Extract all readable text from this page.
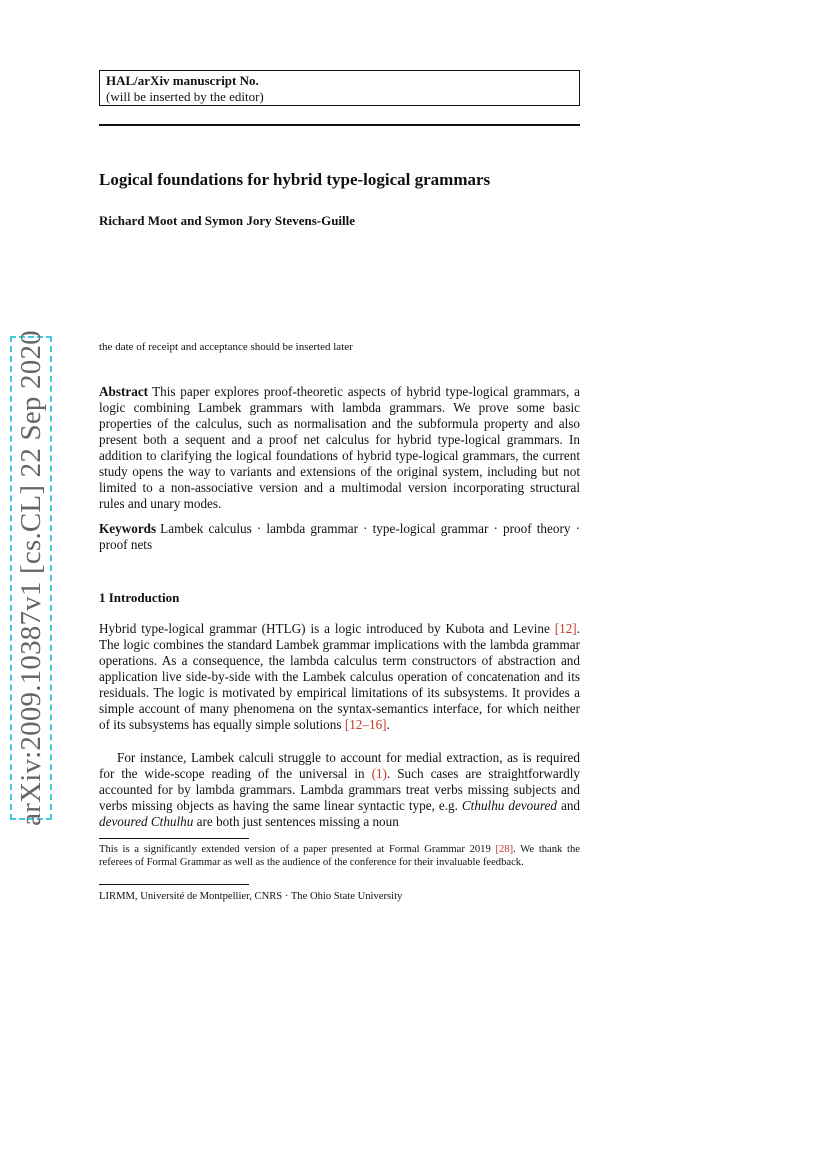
arXiv:2009.10387v1 [cs.CL] 22 Sep 2020
HAL/arXiv manuscript No.
(will be inserted by the editor)
Logical foundations for hybrid type-logical grammars
Richard Moot and Symon Jory Stevens-Guille
the date of receipt and acceptance should be inserted later
Abstract This paper explores proof-theoretic aspects of hybrid type-logical grammars, a logic combining Lambek grammars with lambda grammars. We prove some basic properties of the calculus, such as normalisation and the subformula property and also present both a sequent and a proof net calculus for hybrid type-logical grammars. In addition to clarifying the logical foundations of hybrid type-logical grammars, the current study opens the way to variants and extensions of the original system, including but not limited to a non-associative version and a multimodal version incorporating structural rules and unary modes.
Keywords Lambek calculus · lambda grammar · type-logical grammar · proof theory · proof nets
1 Introduction
Hybrid type-logical grammar (HTLG) is a logic introduced by Kubota and Levine [12]. The logic combines the standard Lambek grammar implications with the lambda grammar operations. As a consequence, the lambda calculus term constructors of abstraction and application live side-by-side with the Lambek calculus operation of concatenation and its residuals. The logic is motivated by empirical limitations of its subsystems. It provides a simple account of many phenomena on the syntax-semantics interface, for which neither of its subsystems has equally simple solutions [12–16].
For instance, Lambek calculi struggle to account for medial extraction, as is required for the wide-scope reading of the universal in (1). Such cases are straightforwardly accounted for by lambda grammars. Lambda grammars treat verbs missing subjects and verbs missing objects as having the same linear syntactic type, e.g. Cthulhu devoured and devoured Cthulhu are both just sentences missing a noun
This is a significantly extended version of a paper presented at Formal Grammar 2019 [28]. We thank the referees of Formal Grammar as well as the audience of the conference for their invaluable feedback.
LIRMM, Université de Montpellier, CNRS · The Ohio State University
